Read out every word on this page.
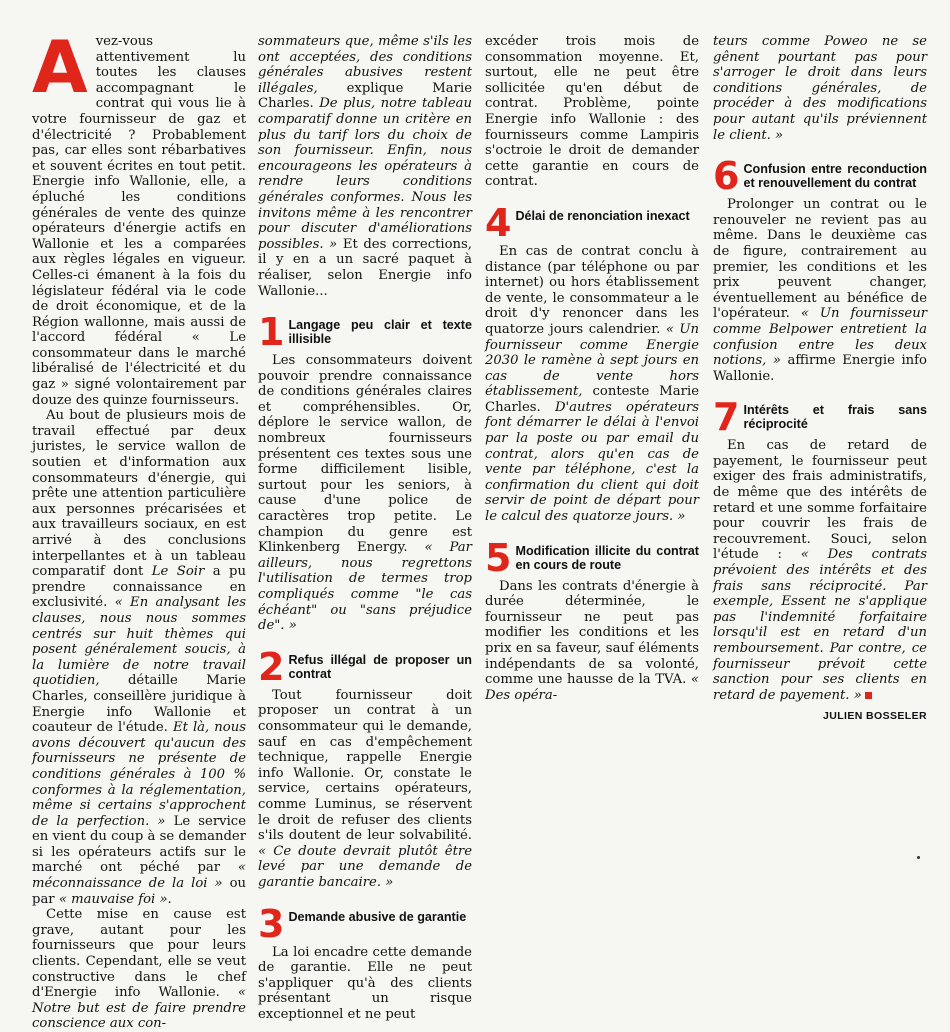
Avez-vous attentivement lu toutes les clauses accompagnant le contrat qui vous lie à votre fournisseur de gaz et d'électricité ? Probablement pas, car elles sont rébarbatives et souvent écrites en tout petit. Energie info Wallonie, elle, a épluché les conditions générales de vente des quinze opérateurs d'énergie actifs en Wallonie et les a comparées aux règles légales en vigueur. Celles-ci émanent à la fois du législateur fédéral via le code de droit économique, et de la Région wallonne, mais aussi de l'accord fédéral « Le consommateur dans le marché libéralisé de l'électricité et du gaz » signé volontairement par douze des quinze fournisseurs.

Au bout de plusieurs mois de travail effectué par deux juristes, le service wallon de soutien et d'information aux consommateurs d'énergie, qui prête une attention particulière aux personnes précarisées et aux travailleurs sociaux, en est arrivé à des conclusions interpellantes et à un tableau comparatif dont Le Soir a pu prendre connaissance en exclusivité. « En analysant les clauses, nous nous sommes centrés sur huit thèmes qui posent généralement soucis, à la lumière de notre travail quotidien, détaille Marie Charles, conseillère juridique à Energie info Wallonie et coauteur de l'étude. Et là, nous avons découvert qu'aucun des fournisseurs ne présente de conditions générales à 100 % conformes à la réglementation, même si certains s'approchent de la perfection. » Le service en vient du coup à se demander si les opérateurs actifs sur le marché ont péché par « méconnaissance de la loi » ou par « mauvaise foi ».

Cette mise en cause est grave, autant pour les fournisseurs que pour leurs clients. Cependant, elle se veut constructive dans le chef d'Energie info Wallonie. « Notre but est de faire prendre conscience aux con-

sommateurs que, même s'ils les ont acceptées, des conditions générales abusives restent illégales, explique Marie Charles. De plus, notre tableau comparatif donne un critère en plus du tarif lors du choix de son fournisseur. Enfin, nous encourageons les opérateurs à rendre leurs conditions générales conformes. Nous les invitons même à les rencontrer pour discuter d'améliorations possibles. » Et des corrections, il y en a un sacré paquet à réaliser, selon Energie info Wallonie...

1 Langage peu clair et texte illisible

Les consommateurs doivent pouvoir prendre connaissance de conditions générales claires et compréhensibles. Or, déplore le service wallon, de nombreux fournisseurs présentent ces textes sous une forme difficilement lisible, surtout pour les seniors, à cause d'une police de caractères trop petite. Le champion du genre est Klinkenberg Energy. « Par ailleurs, nous regrettons l'utilisation de termes trop compliqués comme "le cas échéant" ou "sans préjudice de". »

2 Refus illégal de proposer un contrat

Tout fournisseur doit proposer un contrat à un consommateur qui le demande, sauf en cas d'empêchement technique, rappelle Energie info Wallonie. Or, constate le service, certains opérateurs, comme Luminus, se réservent le droit de refuser des clients s'ils doutent de leur solvabilité. « Ce doute devrait plutôt être levé par une demande de garantie bancaire. »

3 Demande abusive de garantie

La loi encadre cette demande de garantie. Elle ne peut s'appliquer qu'à des clients présentant un risque exceptionnel et ne peut

excéder trois mois de consommation moyenne. Et, surtout, elle ne peut être sollicitée qu'en début de contrat. Problème, pointe Energie info Wallonie : des fournisseurs comme Lampiris s'octroie le droit de demander cette garantie en cours de contrat.

4 Délai de renonciation inexact

En cas de contrat conclu à distance (par téléphone ou par internet) ou hors établissement de vente, le consommateur a le droit d'y renoncer dans les quatorze jours calendrier. « Un fournisseur comme Energie 2030 le ramène à sept jours en cas de vente hors établissement, conteste Marie Charles. D'autres opérateurs font démarrer le délai à l'envoi par la poste ou par email du contrat, alors qu'en cas de vente par téléphone, c'est la confirmation du client qui doit servir de point de départ pour le calcul des quatorze jours. »

5 Modification illicite du contrat en cours de route

Dans les contrats d'énergie à durée déterminée, le fournisseur ne peut pas modifier les conditions et les prix en sa faveur, sauf éléments indépendants de sa volonté, comme une hausse de la TVA. « Des opéra-

teurs comme Poweo ne se gênent pourtant pas pour s'arroger le droit dans leurs conditions générales, de procéder à des modifications pour autant qu'ils préviennent le client. »

6 Confusion entre reconduction et renouvellement du contrat

Prolonger un contrat ou le renouveler ne revient pas au même. Dans le deuxième cas de figure, contrairement au premier, les conditions et les prix peuvent changer, éventuellement au bénéfice de l'opérateur. « Un fournisseur comme Belpower entretient la confusion entre les deux notions, » affirme Energie info Wallonie.

7 Intérêts et frais sans réciprocité

En cas de retard de payement, le fournisseur peut exiger des frais administratifs, de même que des intérêts de retard et une somme forfaitaire pour couvrir les frais de recouvrement. Souci, selon l'étude : « Des contrats prévoient des intérêts et des frais sans réciprocité. Par exemple, Essent ne s'applique pas l'indemnité forfaitaire lorsqu'il est en retard d'un remboursement. Par contre, ce fournisseur prévoit cette sanction pour ses clients en retard de payement. »

JULIEN BOSSELER
